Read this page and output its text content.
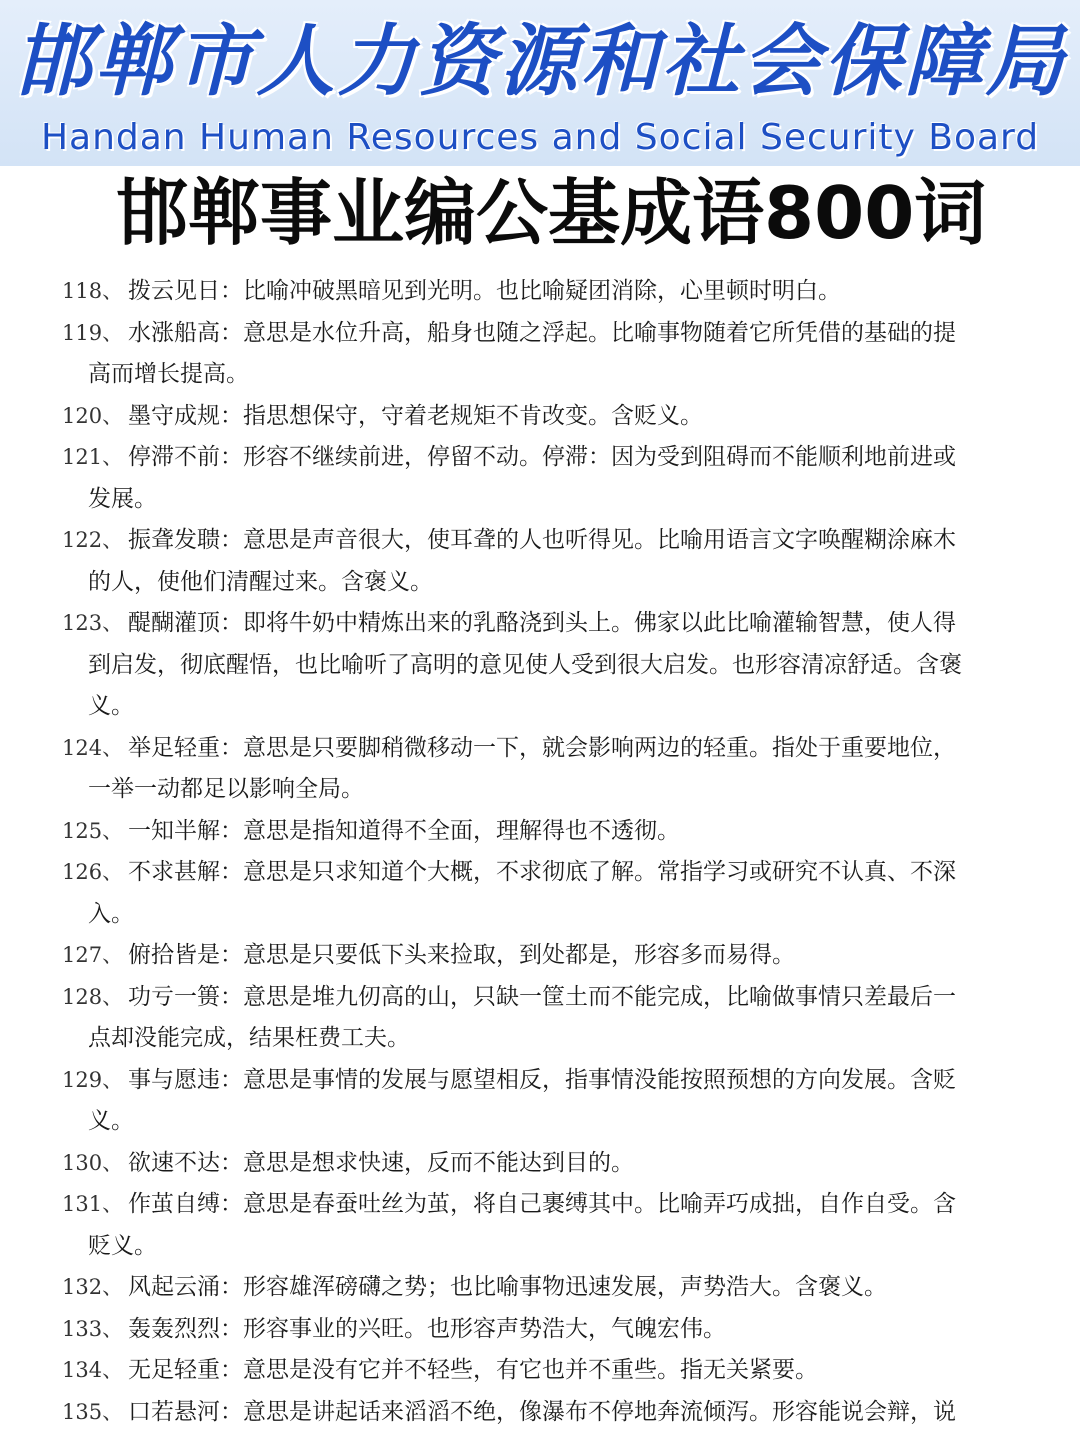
邯郸市人力资源和社会保障局
Handan Human Resources and Social Security Board
邯郸事业编公基成语800词
118、 拨云见日：比喻冲破黑暗见到光明。也比喻疑团消除，心里顿时明白。
119、 水涨船高：意思是水位升高，船身也随之浮起。比喻事物随着它所凭借的基础的提
高而增长提高。
120、 墨守成规：指思想保守，守着老规矩不肯改变。含贬义。
121、 停滞不前：形容不继续前进，停留不动。停滞：因为受到阻碍而不能顺利地前进或
发展。
122、 振聋发聩：意思是声音很大，使耳聋的人也听得见。比喻用语言文字唤醒糊涂麻木
的人，使他们清醒过来。含褒义。
123、 醍醐灌顶：即将牛奶中精炼出来的乳酪浇到头上。佛家以此比喻灌输智慧，使人得
到启发，彻底醒悟，也比喻听了高明的意见使人受到很大启发。也形容清凉舒适。含褒
义。
124、 举足轻重：意思是只要脚稍微移动一下，就会影响两边的轻重。指处于重要地位，
一举一动都足以影响全局。
125、 一知半解：意思是指知道得不全面，理解得也不透彻。
126、 不求甚解：意思是只求知道个大概，不求彻底了解。常指学习或研究不认真、不深
入。
127、 俯拾皆是：意思是只要低下头来捡取，到处都是，形容多而易得。
128、 功亏一篑：意思是堆九仞高的山，只缺一筐土而不能完成，比喻做事情只差最后一
点却没能完成，结果枉费工夫。
129、 事与愿违：意思是事情的发展与愿望相反，指事情没能按照预想的方向发展。含贬
义。
130、 欲速不达：意思是想求快速，反而不能达到目的。
131、 作茧自缚：意思是春蚕吐丝为茧，将自己裹缚其中。比喻弄巧成拙，自作自受。含
贬义。
132、 风起云涌：形容雄浑磅礴之势；也比喻事物迅速发展，声势浩大。含褒义。
133、 轰轰烈烈：形容事业的兴旺。也形容声势浩大，气魄宏伟。
134、 无足轻重：意思是没有它并不轻些，有它也并不重些。指无关紧要。
135、 口若悬河：意思是讲起话来滔滔不绝，像瀑布不停地奔流倾泻。形容能说会辩，说
